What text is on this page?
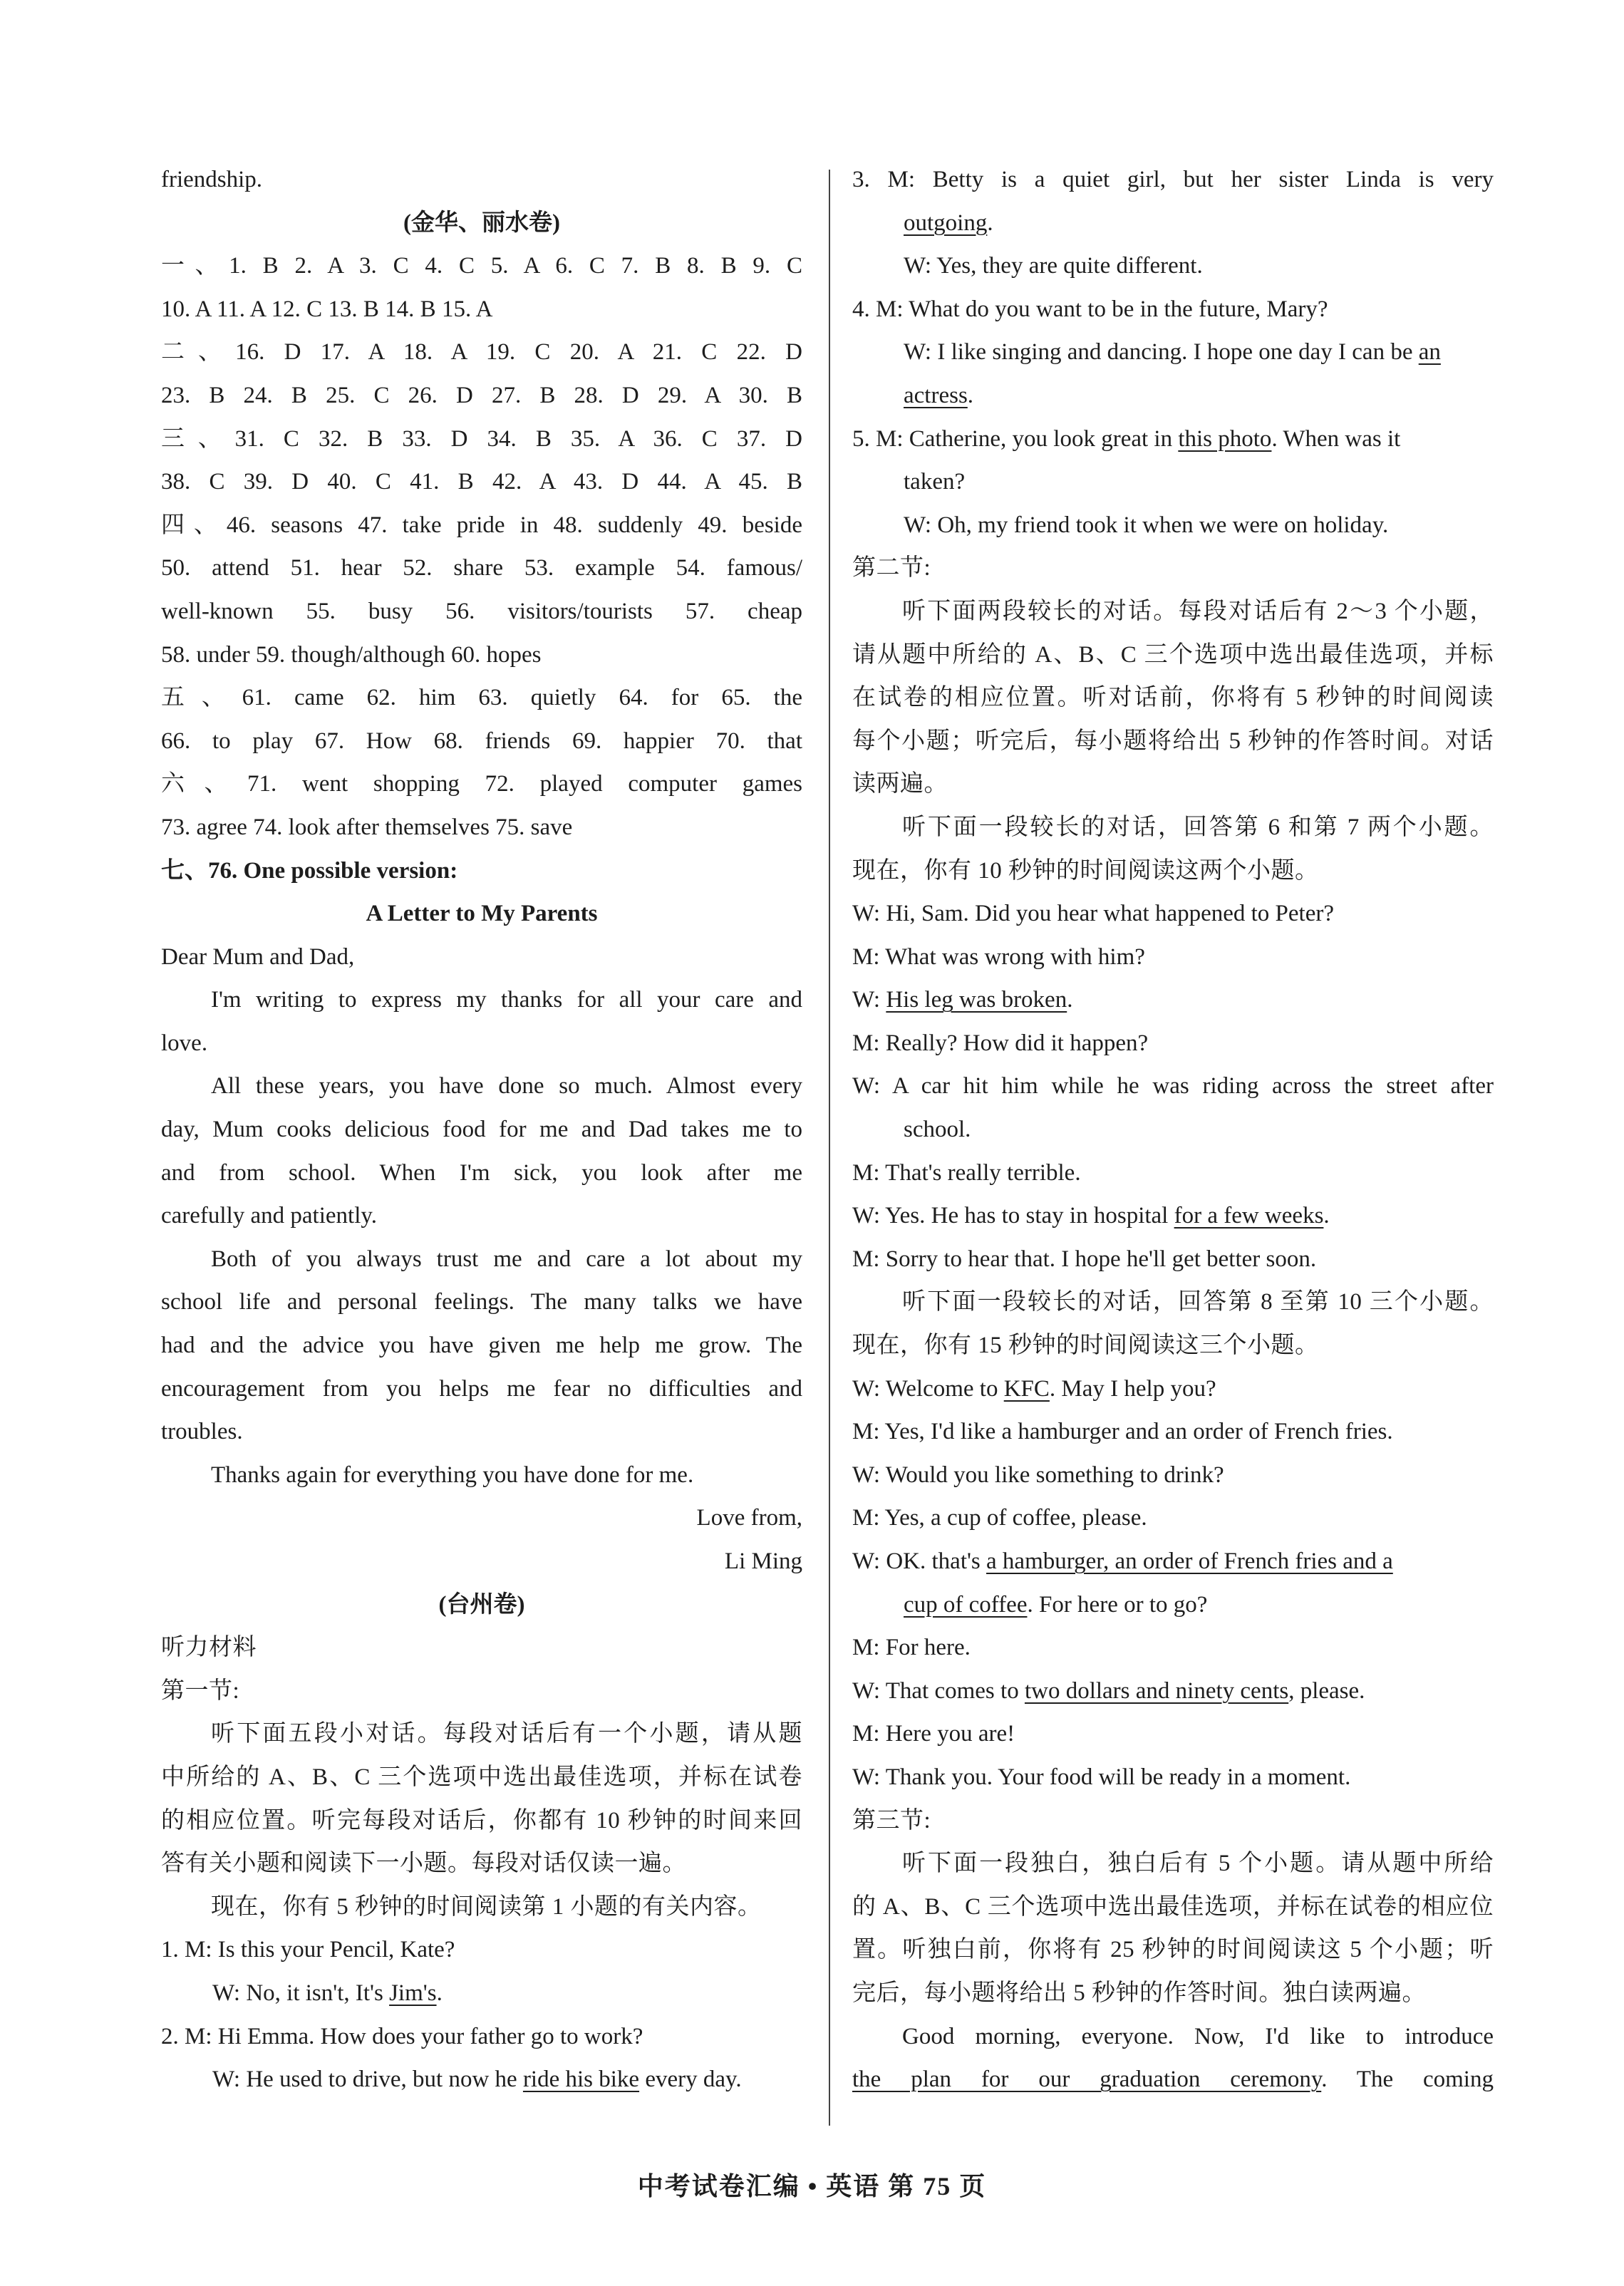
friendship.
(金华、丽水卷)
一、1. B 2. A 3. C 4. C 5. A 6. C 7. B 8. B 9. C
10. A 11. A 12. C 13. B 14. B 15. A
二、16. D 17. A 18. A 19. C 20. A 21. C 22. D
23. B 24. B 25. C 26. D 27. B 28. D 29. A 30. B
三、31. C 32. B 33. D 34. B 35. A 36. C 37. D
38. C 39. D 40. C 41. B 42. A 43. D 44. A 45. B
四、46. seasons 47. take pride in 48. suddenly 49. beside
50. attend 51. hear 52. share 53. example 54. famous/
well-known 55. busy 56. visitors/tourists 57. cheap
58. under 59. though/although 60. hopes
五、61. came 62. him 63. quietly 64. for 65. the
66. to play 67. How 68. friends 69. happier 70. that
六、71. went shopping 72. played computer games
73. agree 74. look after themselves 75. save
七、76. One possible version:
A Letter to My Parents
Dear Mum and Dad,
I'm writing to express my thanks for all your care and
love.
All these years, you have done so much. Almost every
day, Mum cooks delicious food for me and Dad takes me to
and from school. When I'm sick, you look after me
carefully and patiently.
Both of you always trust me and care a lot about my
school life and personal feelings. The many talks we have
had and the advice you have given me help me grow. The
encouragement from you helps me fear no difficulties and
troubles.
Thanks again for everything you have done for me.
Love from,
Li Ming
(台州卷)
听力材料
第一节:
听下面五段小对话。每段对话后有一个小题，请从题
中所给的 A、B、C 三个选项中选出最佳选项，并标在试卷
的相应位置。听完每段对话后，你都有 10 秒钟的时间来回
答有关小题和阅读下一小题。每段对话仅读一遍。
现在，你有 5 秒钟的时间阅读第 1 小题的有关内容。
1. M: Is this your Pencil, Kate?
W: No, it isn't, It's Jim's.
2. M: Hi Emma. How does your father go to work?
W: He used to drive, but now he ride his bike every day.
3. M: Betty is a quiet girl, but her sister Linda is very
outgoing.
W: Yes, they are quite different.
4. M: What do you want to be in the future, Mary?
W: I like singing and dancing. I hope one day I can be an
actress.
5. M: Catherine, you look great in this photo. When was it
taken?
W: Oh, my friend took it when we were on holiday.
第二节:
听下面两段较长的对话。每段对话后有 2～3 个小题，
请从题中所给的 A、B、C 三个选项中选出最佳选项，并标
在试卷的相应位置。听对话前，你将有 5 秒钟的时间阅读
每个小题；听完后，每小题将给出 5 秒钟的作答时间。对话
读两遍。
听下面一段较长的对话，回答第 6 和第 7 两个小题。
现在，你有 10 秒钟的时间阅读这两个小题。
W: Hi, Sam. Did you hear what happened to Peter?
M: What was wrong with him?
W: His leg was broken.
M: Really? How did it happen?
W: A car hit him while he was riding across the street after
school.
M: That's really terrible.
W: Yes. He has to stay in hospital for a few weeks.
M: Sorry to hear that. I hope he'll get better soon.
听下面一段较长的对话，回答第 8 至第 10 三个小题。
现在，你有 15 秒钟的时间阅读这三个小题。
W: Welcome to KFC. May I help you?
M: Yes, I'd like a hamburger and an order of French fries.
W: Would you like something to drink?
M: Yes, a cup of coffee, please.
W: OK. that's a hamburger, an order of French fries and a
cup of coffee. For here or to go?
M: For here.
W: That comes to two dollars and ninety cents, please.
M: Here you are!
W: Thank you. Your food will be ready in a moment.
第三节:
听下面一段独白，独白后有 5 个小题。请从题中所给
的 A、B、C 三个选项中选出最佳选项，并标在试卷的相应位
置。听独白前，你将有 25 秒钟的时间阅读这 5 个小题；听
完后，每小题将给出 5 秒钟的作答时间。独白读两遍。
Good morning, everyone. Now, I'd like to introduce
the plan for our graduation ceremony. The coming
中考试卷汇编 • 英语 第 75 页
